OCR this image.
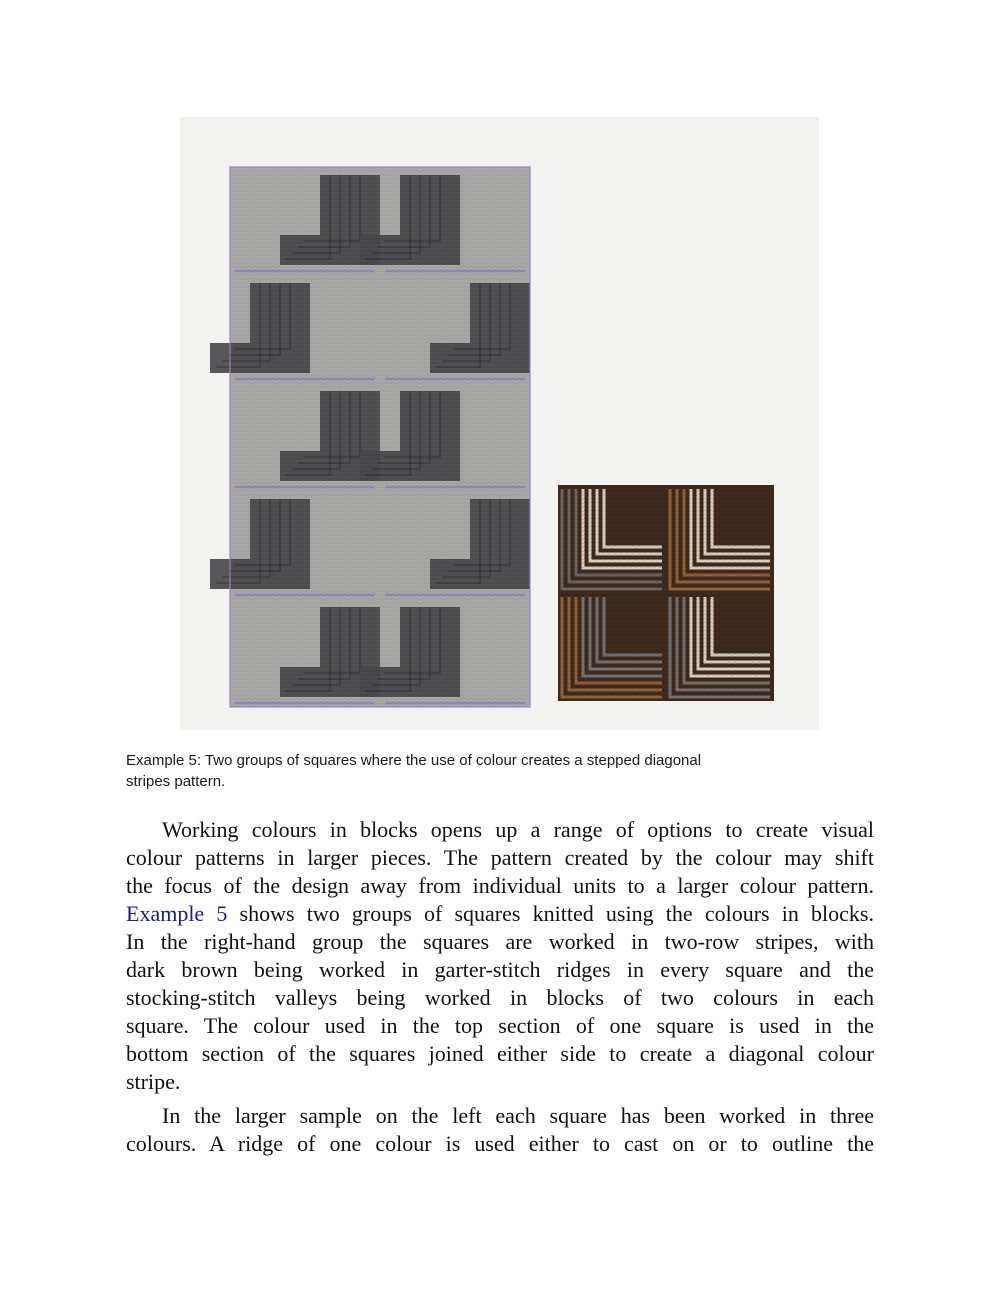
Example 5: Two groups of squares where the use of colour creates a stepped diagonal
stripes pattern.
Working colours in blocks opens up a range of options to create visual
colour patterns in larger pieces. The pattern created by the colour may shift
the focus of the design away from individual units to a larger colour pattern.
Example 5 shows two groups of squares knitted using the colours in blocks.
In the right-hand group the squares are worked in two-row stripes, with
dark brown being worked in garter-stitch ridges in every square and the
stocking-stitch valleys being worked in blocks of two colours in each
square. The colour used in the top section of one square is used in the
bottom section of the squares joined either side to create a diagonal colour
stripe.
In the larger sample on the left each square has been worked in three
colours. A ridge of one colour is used either to cast on or to outline the
